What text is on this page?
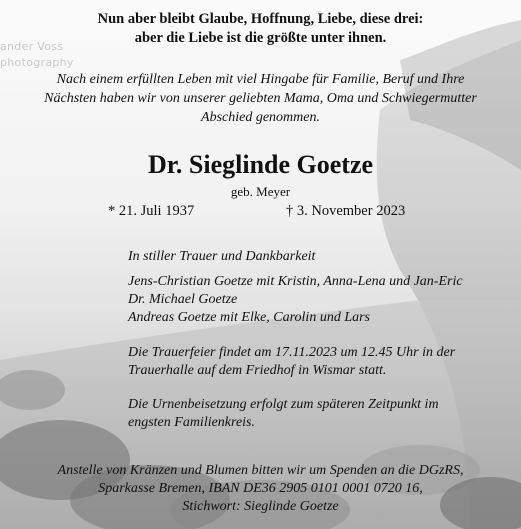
ander Voss
photography
Nun aber bleibt Glaube, Hoffnung, Liebe, diese drei:
aber die Liebe ist die größte unter ihnen.
Nach einem erfüllten Leben mit viel Hingabe für Familie, Beruf und Ihre
Nächsten haben wir von unserer geliebten Mama, Oma und Schwiegermutter
Abschied genommen.
Dr. Sieglinde Goetze
geb. Meyer
* 21. Juli 1937	† 3. November 2023
In stiller Trauer und Dankbarkeit
Jens-Christian Goetze mit Kristin, Anna-Lena und Jan-Eric
Dr. Michael Goetze
Andreas Goetze mit Elke, Carolin und Lars
Die Trauerfeier findet am 17.11.2023 um 12.45 Uhr in der
Trauerhalle auf dem Friedhof in Wismar statt.
Die Urnenbeisetzung erfolgt zum späteren Zeitpunkt im
engsten Familienkreis.
Anstelle von Kränzen und Blumen bitten wir um Spenden an die DGzRS,
Sparkasse Bremen, IBAN DE36 2905 0101 0001 0720 16,
Stichwort: Sieglinde Goetze
